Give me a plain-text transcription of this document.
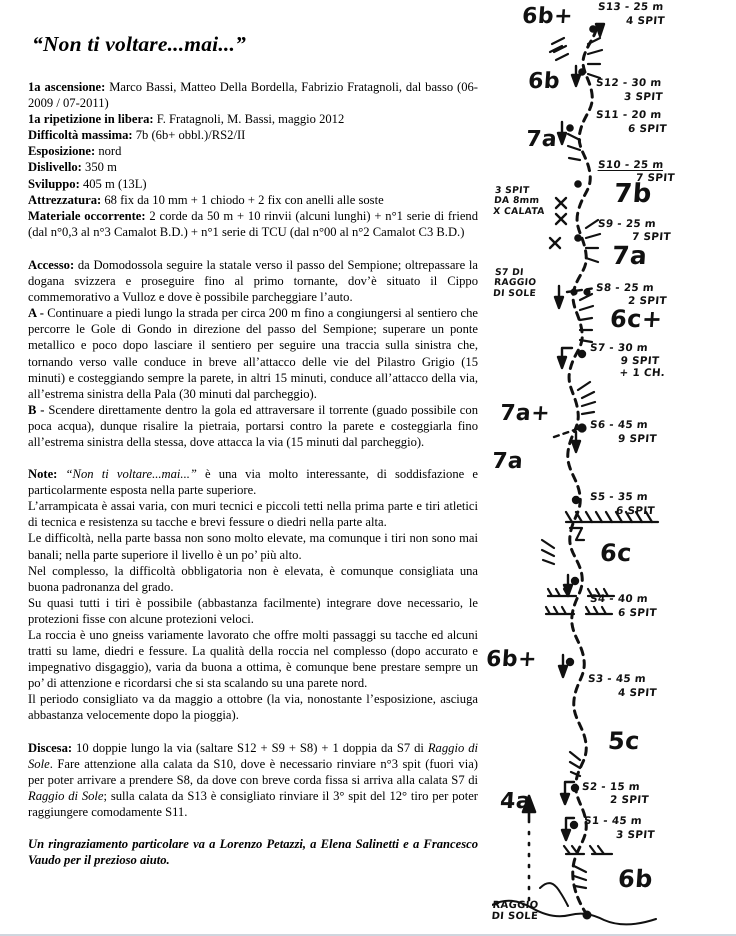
“Non ti voltare...mai...”
1a ascensione: Marco Bassi, Matteo Della Bordella, Fabrizio Fratagnoli, dal basso (06-2009 / 07-2011)
1a ripetizione in libera: F. Fratagnoli, M. Bassi, maggio 2012
Difficoltà massima: 7b (6b+ obbl.)/RS2/II
Esposizione: nord
Dislivello: 350 m
Sviluppo: 405 m (13L)
Attrezzatura: 68 fix da 10 mm + 1 chiodo + 2 fix con anelli alle soste
Materiale occorrente: 2 corde da 50 m + 10 rinvii (alcuni lunghi) + n°1 serie di friend (dal n°0,3 al n°3 Camalot B.D.) + n°1 serie di TCU (dal n°00 al n°2 Camalot C3 B.D.)

Accesso: da Domodossola seguire la statale verso il passo del Sempione; oltrepassare la dogana svizzera e proseguire fino al primo tornante, dov’è situato il Cippo commemorativo a Vulloz e dove è possibile parcheggiare l’auto.

A - Continuare a piedi lungo la strada per circa 200 m fino a congiungersi al sentiero che percorre le Gole di Gondo in direzione del passo del Sempione; superare un ponte metallico e poco dopo lasciare il sentiero per seguire una traccia sulla sinistra che, tornando verso valle conduce in breve all’attacco delle vie del Pilastro Grigio (15 minuti) e costeggiando sempre la parete, in altri 15 minuti, conduce all’attacco della via, all’estrema sinistra della Pala (30 minuti dal parcheggio).

B - Scendere direttamente dentro la gola ed attraversare il torrente (guado possibile con poca acqua), dunque risalire la pietraia, portarsi contro la parete e costeggiarla fino all’estrema sinistra della stessa, dove attacca la via (15 minuti dal parcheggio).

Note: “Non ti voltare...mai...” è una via molto interessante, di soddisfazione e particolarmente esposta nella parte superiore.

L’arrampicata è assai varia, con muri tecnici e piccoli tetti nella prima parte e tiri atletici di tecnica e resistenza su tacche e brevi fessure o diedri nella parte alta.

Le difficoltà, nella parte bassa non sono molto elevate, ma comunque i tiri non sono mai banali; nella parte superiore il livello è un po’ più alto.

Nel complesso, la difficoltà obbligatoria non è elevata, è comunque consigliata una buona padronanza del grado.

Su quasi tutti i tiri è possibile (abbastanza facilmente) integrare dove necessario, le protezioni fisse con alcune protezioni veloci.

La roccia è uno gneiss variamente lavorato che offre molti passaggi su tacche ed alcuni tratti su lame, diedri e fessure. La qualità della roccia nel complesso (dopo accurato e impegnativo disgaggio), varia da buona a ottima, è comunque bene prestare sempre un po’ di attenzione e ricordarsi che si sta scalando su una parete nord.

Il periodo consigliato va da maggio a ottobre (la via, nonostante l’esposizione, asciuga abbastanza velocemente dopo la pioggia).

Discesa: 10 doppie lungo la via (saltare S12 + S9 + S8) + 1 doppia da S7 di Raggio di Sole. Fare attenzione alla calata da S10, dove è necessario rinviare n°3 spit (fuori via) per poter arrivare a prendere S8, da dove con breve corda fissa si arriva alla calata S7 di Raggio di Sole; sulla calata da S13 è consigliato rinviare il 3° spit del 12° tiro per poter raggiungere comodamente S11.

Un ringraziamento particolare va a Lorenzo Petazzi, a Elena Salinetti e a Francesco Vaudo per il prezioso aiuto.
6b+
6b
7a
7a+
7a
6b+
4a
7b
7a
6c+
6c
5c
6b
S13 - 25 m
4 SPIT
S12 - 30 m
3 SPIT
S11 - 20 m
6 SPIT
S10 - 25 m
7 SPIT
S9 - 25 m
7 SPIT
S8 - 25 m
2 SPIT
S7 - 30 m
9 SPIT
+ 1 CH.
S6 - 45 m
9 SPIT
S5 - 35 m
6 SPIT
S4 - 40 m
6 SPIT
S3 - 45 m
4 SPIT
S2 - 15 m
2 SPIT
S1 - 45 m
3 SPIT
3 SPIT
DA 8mm
X CALATA
S7 DI
RAGGIO
DI SOLE
RAGGIO
DI SOLE
